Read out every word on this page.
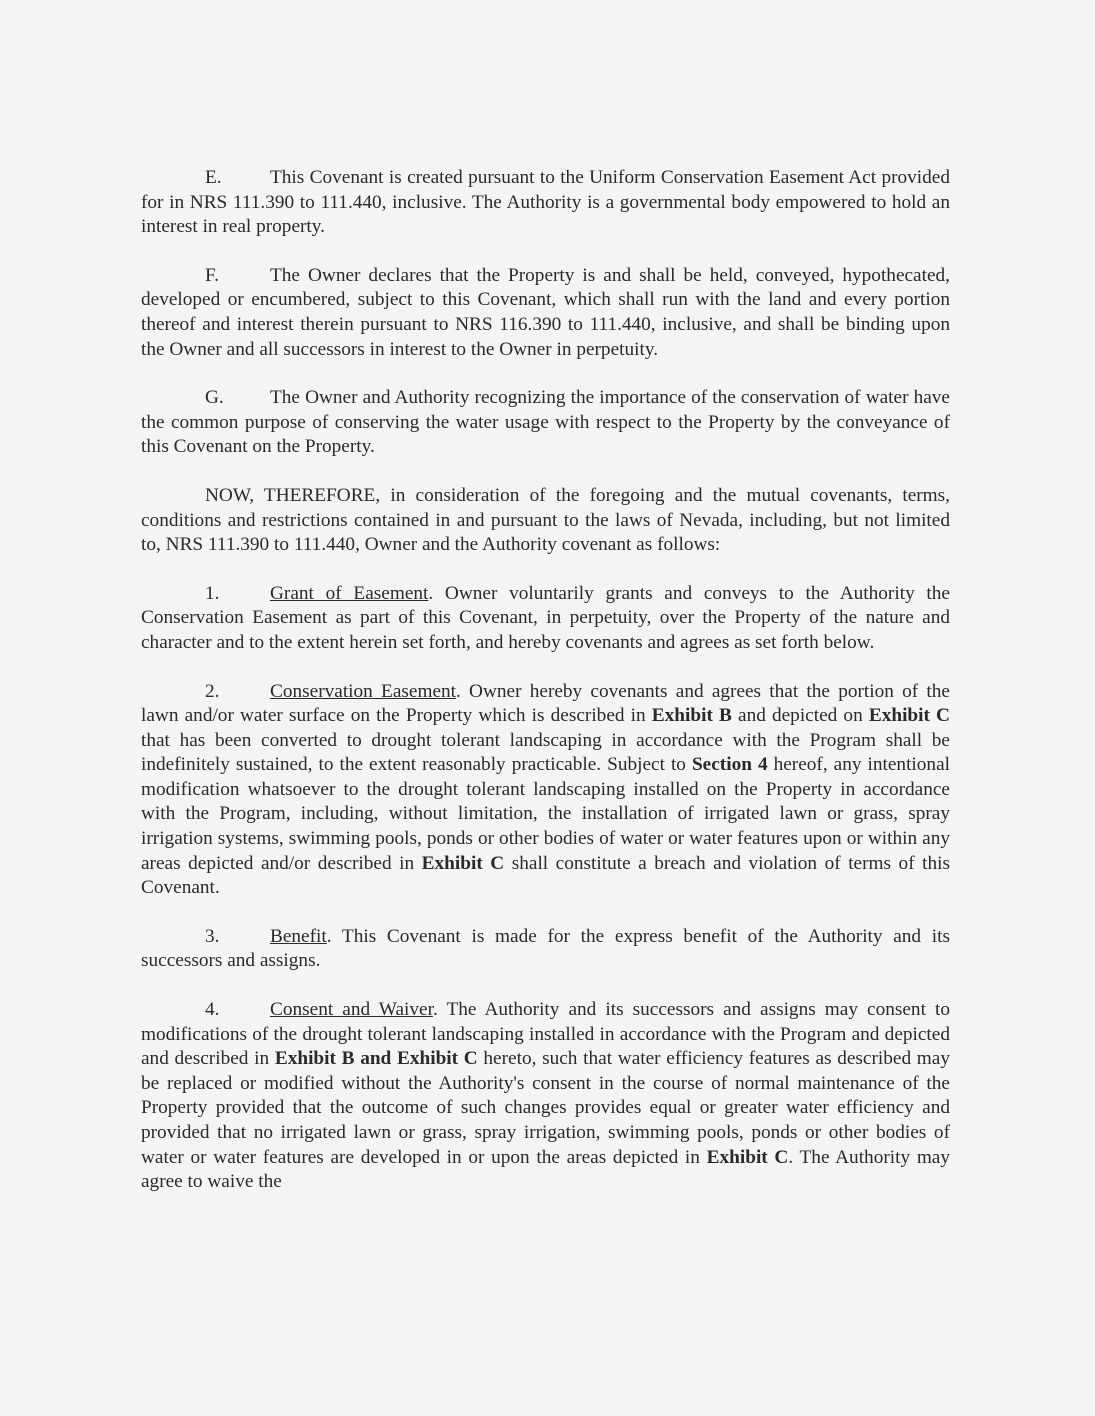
E.	This Covenant is created pursuant to the Uniform Conservation Easement Act provided for in NRS 111.390 to 111.440, inclusive. The Authority is a governmental body empowered to hold an interest in real property.

F.	The Owner declares that the Property is and shall be held, conveyed, hypothecated, developed or encumbered, subject to this Covenant, which shall run with the land and every portion thereof and interest therein pursuant to NRS 116.390 to 111.440, inclusive, and shall be binding upon the Owner and all successors in interest to the Owner in perpetuity.

G. The Owner and Authority recognizing the importance of the conservation of water have the common purpose of conserving the water usage with respect to the Property by the conveyance of this Covenant on the Property.

NOW, THEREFORE, in consideration of the foregoing and the mutual covenants, terms, conditions and restrictions contained in and pursuant to the laws of Nevada, including, but not limited to, NRS 111.390 to 111.440, Owner and the Authority covenant as follows:

1.	Grant of Easement. Owner voluntarily grants and conveys to the Authority the Conservation Easement as part of this Covenant, in perpetuity, over the Property of the nature and character and to the extent herein set forth, and hereby covenants and agrees as set forth below.

2.	Conservation Easement. Owner hereby covenants and agrees that the portion of the lawn and/or water surface on the Property which is described in Exhibit B and depicted on Exhibit C that has been converted to drought tolerant landscaping in accordance with the Program shall be indefinitely sustained, to the extent reasonably practicable. Subject to Section 4 hereof, any intentional modification whatsoever to the drought tolerant landscaping installed on the Property in accordance with the Program, including, without limitation, the installation of irrigated lawn or grass, spray irrigation systems, swimming pools, ponds or other bodies of water or water features upon or within any areas depicted and/or described in Exhibit C shall constitute a breach and violation of terms of this Covenant.

3.	Benefit. This Covenant is made for the express benefit of the Authority and its successors and assigns.

4.	Consent and Waiver. The Authority and its successors and assigns may consent to modifications of the drought tolerant landscaping installed in accordance with the Program and depicted and described in Exhibit B and Exhibit C hereto, such that water efficiency features as described may be replaced or modified without the Authority's consent in the course of normal maintenance of the Property provided that the outcome of such changes provides equal or greater water efficiency and provided that no irrigated lawn or grass, spray irrigation, swimming pools, ponds or other bodies of water or water features are developed in or upon the areas depicted in Exhibit C. The Authority may agree to waive the
